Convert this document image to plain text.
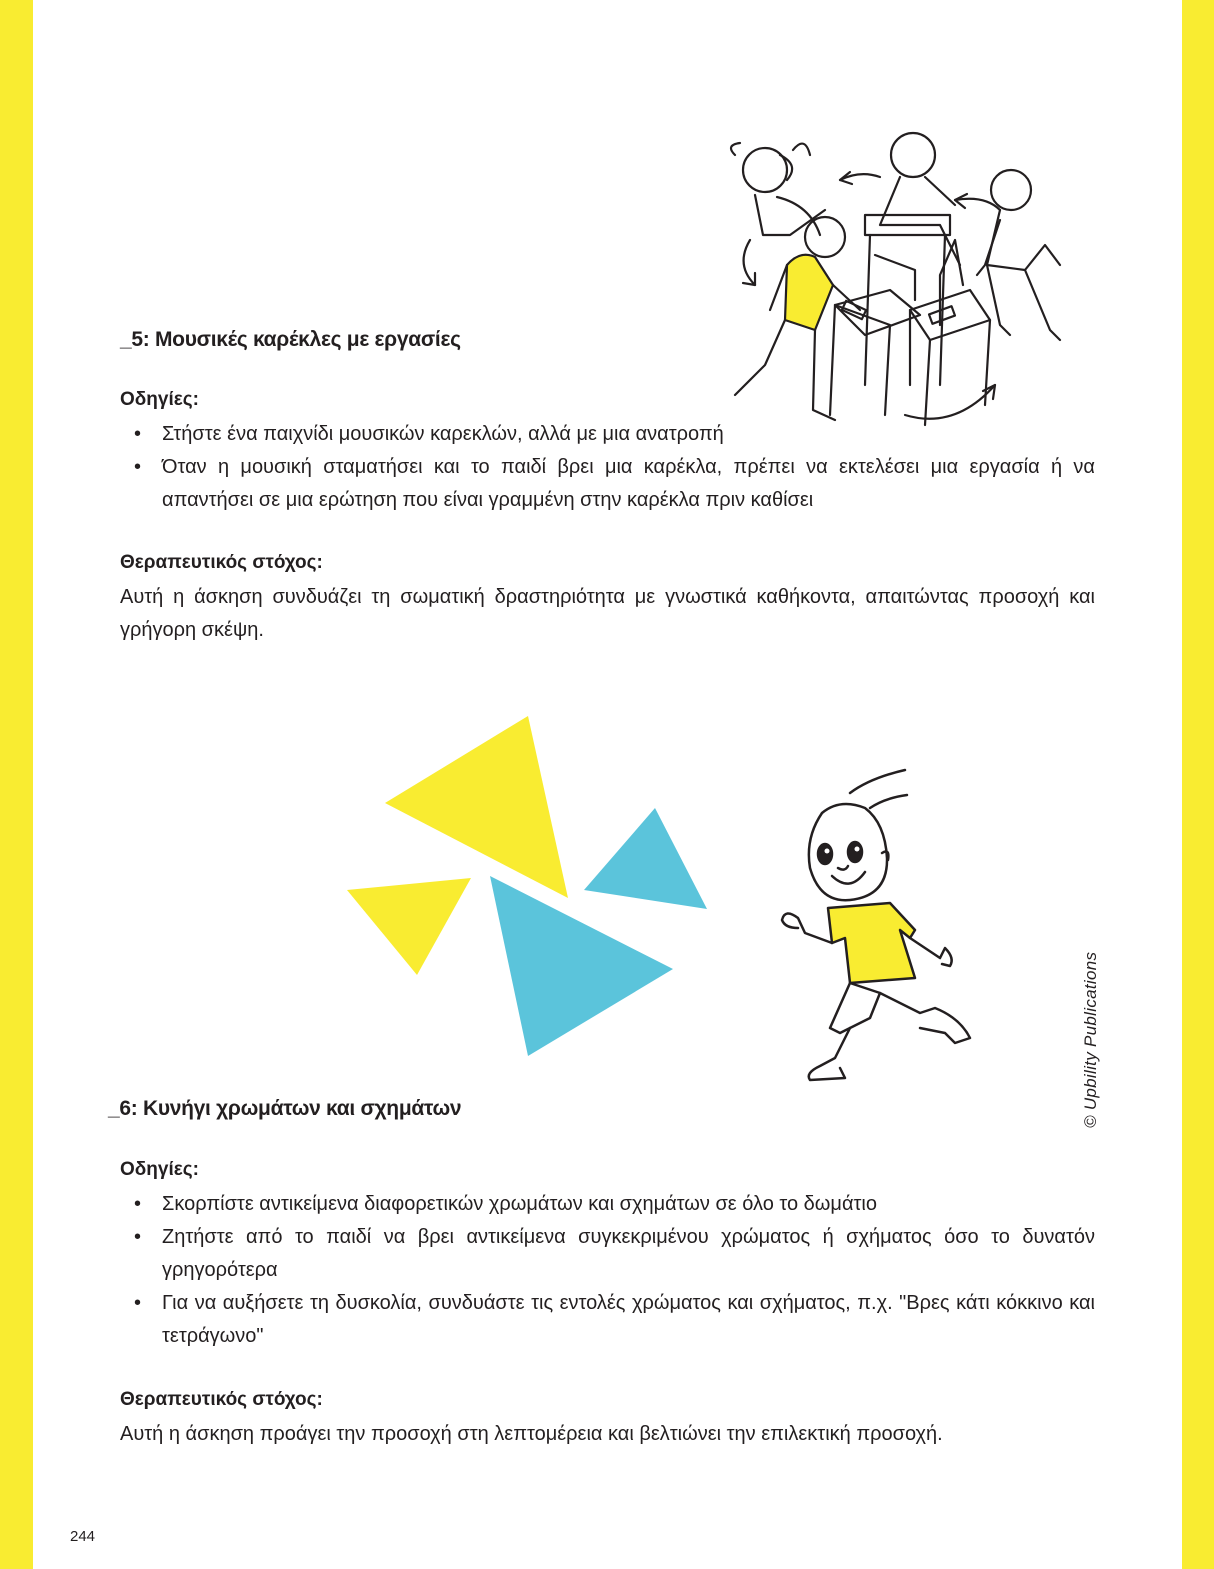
_5: Μουσικές καρέκλες με εργασίες
Οδηγίες:
• Στήστε ένα παιχνίδι μουσικών καρεκλών, αλλά με μια ανατροπή
• Όταν η μουσική σταματήσει και το παιδί βρει μια καρέκλα, πρέπει να εκτελέσει μια εργασία ή να απαντήσει σε μια ερώτηση που είναι γραμμένη στην καρέκλα πριν καθίσει
Θεραπευτικός στόχος:

Αυτή η άσκηση συνδυάζει τη σωματική δραστηριότητα με γνωστικά καθήκοντα, απαιτώντας προσοχή και γρήγορη σκέψη.

© Upbility Publications
_6: Κυνήγι χρωμάτων και σχημάτων
Οδηγίες:
• Σκορπίστε αντικείμενα διαφορετικών χρωμάτων και σχημάτων σε όλο το δωμάτιο
• Ζητήστε από το παιδί να βρει αντικείμενα συγκεκριμένου χρώματος ή σχήματος όσο το δυνατόν γρηγορότερα
• Για να αυξήσετε τη δυσκολία, συνδυάστε τις εντολές χρώματος και σχήματος, π.χ. "Βρες κάτι κόκκινο και τετράγωνο"
Θεραπευτικός στόχος:

Αυτή η άσκηση προάγει την προσοχή στη λεπτομέρεια και βελτιώνει την επιλεκτική προσοχή.

244
